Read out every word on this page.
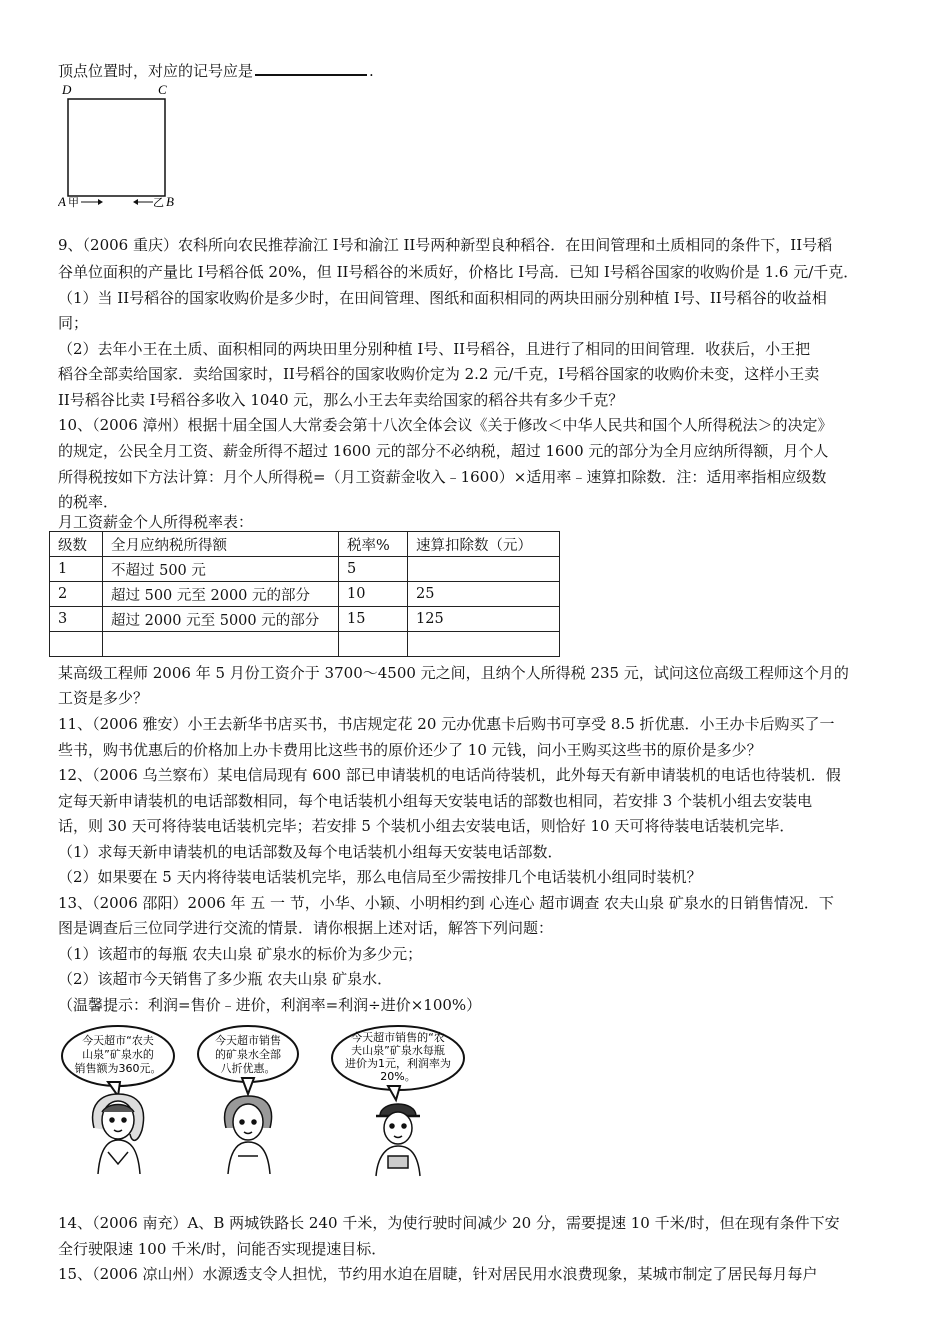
顶点位置时，对应的记号应是	.
D	C
A 甲	乙 B
9、（2006 重庆）农科所向农民推荐渝江 I号和渝江 II号两种新型良种稻谷．在田间管理和土质相同的条件下，II号稻
谷单位面积的产量比 I号稻谷低 20%，但 II号稻谷的米质好，价格比 I号高．已知 I号稻谷国家的收购价是 1.6 元/千克．
（1）当 II号稻谷的国家收购价是多少时，在田间管理、图纸和面积相同的两块田丽分别种植 I号、II号稻谷的收益相
同；
（2）去年小王在土质、面积相同的两块田里分别种植 I号、II号稻谷，且进行了相同的田间管理．收获后，小王把
稻谷全部卖给国家．卖给国家时，II号稻谷的国家收购价定为 2.2 元/千克，I号稻谷国家的收购价未变，这样小王卖
II号稻谷比卖 I号稻谷多收入 1040 元，那么小王去年卖给国家的稻谷共有多少千克？
10、（2006 漳州）根据十届全国人大常委会第十八次全体会议《关于修改＜中华人民共和国个人所得税法＞的决定》
的规定，公民全月工资、薪金所得不超过 1600 元的部分不必纳税，超过 1600 元的部分为全月应纳所得额，月个人
所得税按如下方法计算：月个人所得税=（月工资薪金收入﹣1600）×适用率﹣速算扣除数．注：适用率指相应级数
的税率．
月工资薪金个人所得税率表：
级数	全月应纳税所得额	税率%	速算扣除数（元）
1	不超过 500 元	5	
2	超过 500 元至 2000 元的部分	10	25
3	超过 2000 元至 5000 元的部分	15	125

某高级工程师 2006 年 5 月份工资介于 3700～4500 元之间，且纳个人所得税 235 元，试问这位高级工程师这个月的
工资是多少？
11、（2006 雅安）小王去新华书店买书，书店规定花 20 元办优惠卡后购书可享受 8.5 折优惠．小王办卡后购买了一
些书，购书优惠后的价格加上办卡费用比这些书的原价还少了 10 元钱，问小王购买这些书的原价是多少？
12、（2006 乌兰察布）某电信局现有 600 部已申请装机的电话尚待装机，此外每天有新申请装机的电话也待装机．假
定每天新申请装机的电话部数相同，每个电话装机小组每天安装电话的部数也相同，若安排 3 个装机小组去安装电
话，则 30 天可将待装电话装机完毕；若安排 5 个装机小组去安装电话，则恰好 10 天可将待装电话装机完毕．
（1）求每天新申请装机的电话部数及每个电话装机小组每天安装电话部数．
（2）如果要在 5 天内将待装电话装机完毕，那么电信局至少需按排几个电话装机小组同时装机？
13、（2006 邵阳）2006 年 五 一 节，小华、小颖、小明相约到 心连心 超市调查 农夫山泉 矿泉水的日销售情况．下
图是调查后三位同学进行交流的情景．请你根据上述对话，解答下列问题：
（1）该超市的每瓶 农夫山泉 矿泉水的标价为多少元；
（2）该超市今天销售了多少瓶 农夫山泉 矿泉水．
（温馨提示：利润=售价﹣进价，利润率=利润÷进价×100%）
今天超市“农夫
山泉”矿泉水的
销售额为360元。
今天超市销售
的矿泉水全部
八折优惠。
今天超市销售的“农
夫山泉”矿泉水每瓶
进价为1元，利润率为
20%。
14、（2006 南充）A、B 两城铁路长 240 千米，为使行驶时间减少 20 分，需要提速 10 千米/时，但在现有条件下安
全行驶限速 100 千米/时，问能否实现提速目标．
15、（2006 凉山州）水源透支令人担忧，节约用水迫在眉睫，针对居民用水浪费现象，某城市制定了居民每月每户
